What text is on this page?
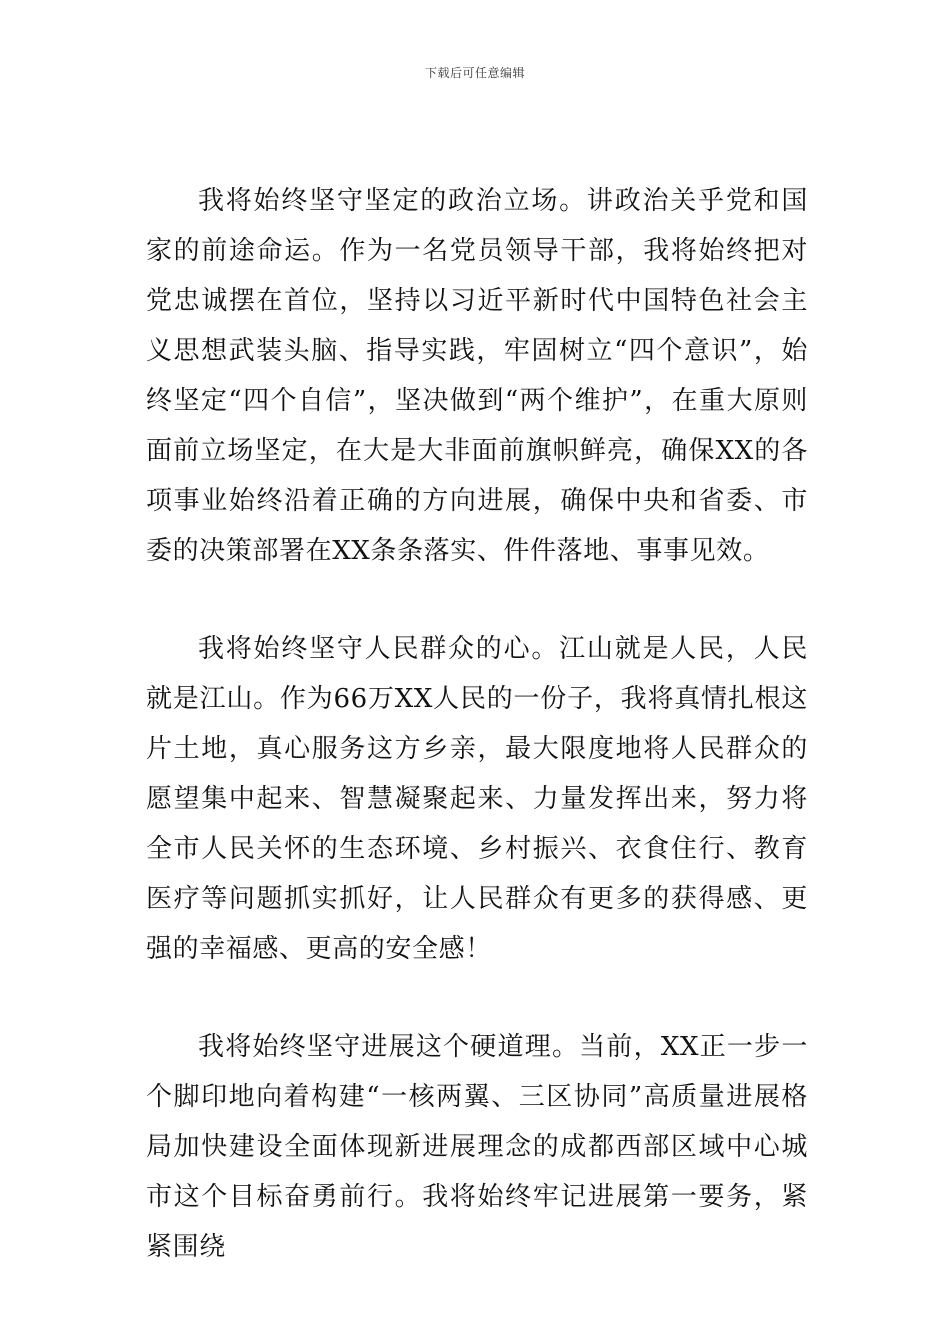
下载后可任意编辑

我将始终坚守坚定的政治立场。讲政治关乎党和国家的前途命运。作为一名党员领导干部，我将始终把对党忠诚摆在首位，坚持以习近平新时代中国特色社会主义思想武装头脑、指导实践，牢固树立“四个意识”，始终坚定“四个自信”，坚决做到“两个维护”，在重大原则面前立场坚定，在大是大非面前旗帜鲜亮，确保XX的各项事业始终沿着正确的方向进展，确保中央和省委、市委的决策部署在XX条条落实、件件落地、事事见效。

我将始终坚守人民群众的心。江山就是人民，人民就是江山。作为66万XX人民的一份子，我将真情扎根这片土地，真心服务这方乡亲，最大限度地将人民群众的愿望集中起来、智慧凝聚起来、力量发挥出来，努力将全市人民关怀的生态环境、乡村振兴、衣食住行、教育医疗等问题抓实抓好，让人民群众有更多的获得感、更强的幸福感、更高的安全感！

我将始终坚守进展这个硬道理。当前，XX正一步一个脚印地向着构建“一核两翼、三区协同”高质量进展格局加快建设全面体现新进展理念的成都西部区域中心城市这个目标奋勇前行。我将始终牢记进展第一要务，紧紧围绕
